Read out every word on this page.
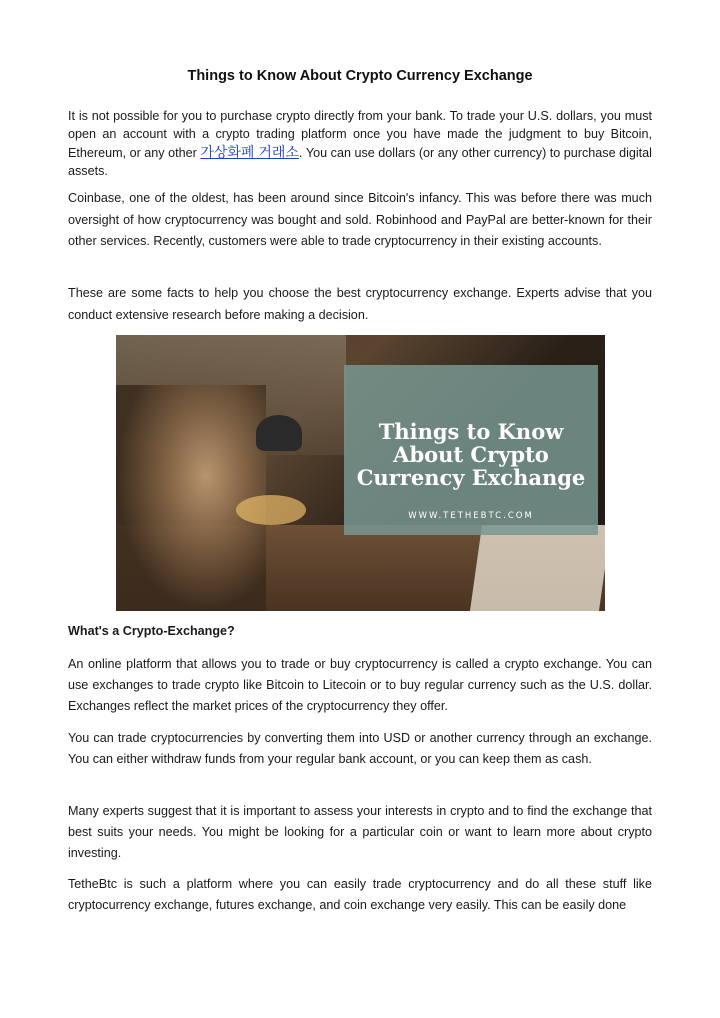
Things to Know About Crypto Currency Exchange

It is not possible for you to purchase crypto directly from your bank. To trade your U.S. dollars, you must open an account with a crypto trading platform once you have made the judgment to buy Bitcoin, Ethereum, or any other 가상화폐 거래소. You can use dollars (or any other currency) to purchase digital assets.

Coinbase, one of the oldest, has been around since Bitcoin's infancy. This was before there was much oversight of how cryptocurrency was bought and sold. Robinhood and PayPal are better-known for their other services. Recently, customers were able to trade cryptocurrency in their existing accounts.

These are some facts to help you choose the best cryptocurrency exchange. Experts advise that you conduct extensive research before making a decision.

What's a Crypto-Exchange?

An online platform that allows you to trade or buy cryptocurrency is called a crypto exchange. You can use exchanges to trade crypto like Bitcoin to Litecoin or to buy regular currency such as the U.S. dollar. Exchanges reflect the market prices of the cryptocurrency they offer.

You can trade cryptocurrencies by converting them into USD or another currency through an exchange. You can either withdraw funds from your regular bank account, or you can keep them as cash.

Many experts suggest that it is important to assess your interests in crypto and to find the exchange that best suits your needs. You might be looking for a particular coin or want to learn more about crypto investing.

TetheBtc is such a platform where you can easily trade cryptocurrency and do all these stuff like cryptocurrency exchange, futures exchange, and coin exchange very easily. This can be easily done

Things to Know
About Crypto
Currency Exchange
WWW.TETHEBTC.COM
